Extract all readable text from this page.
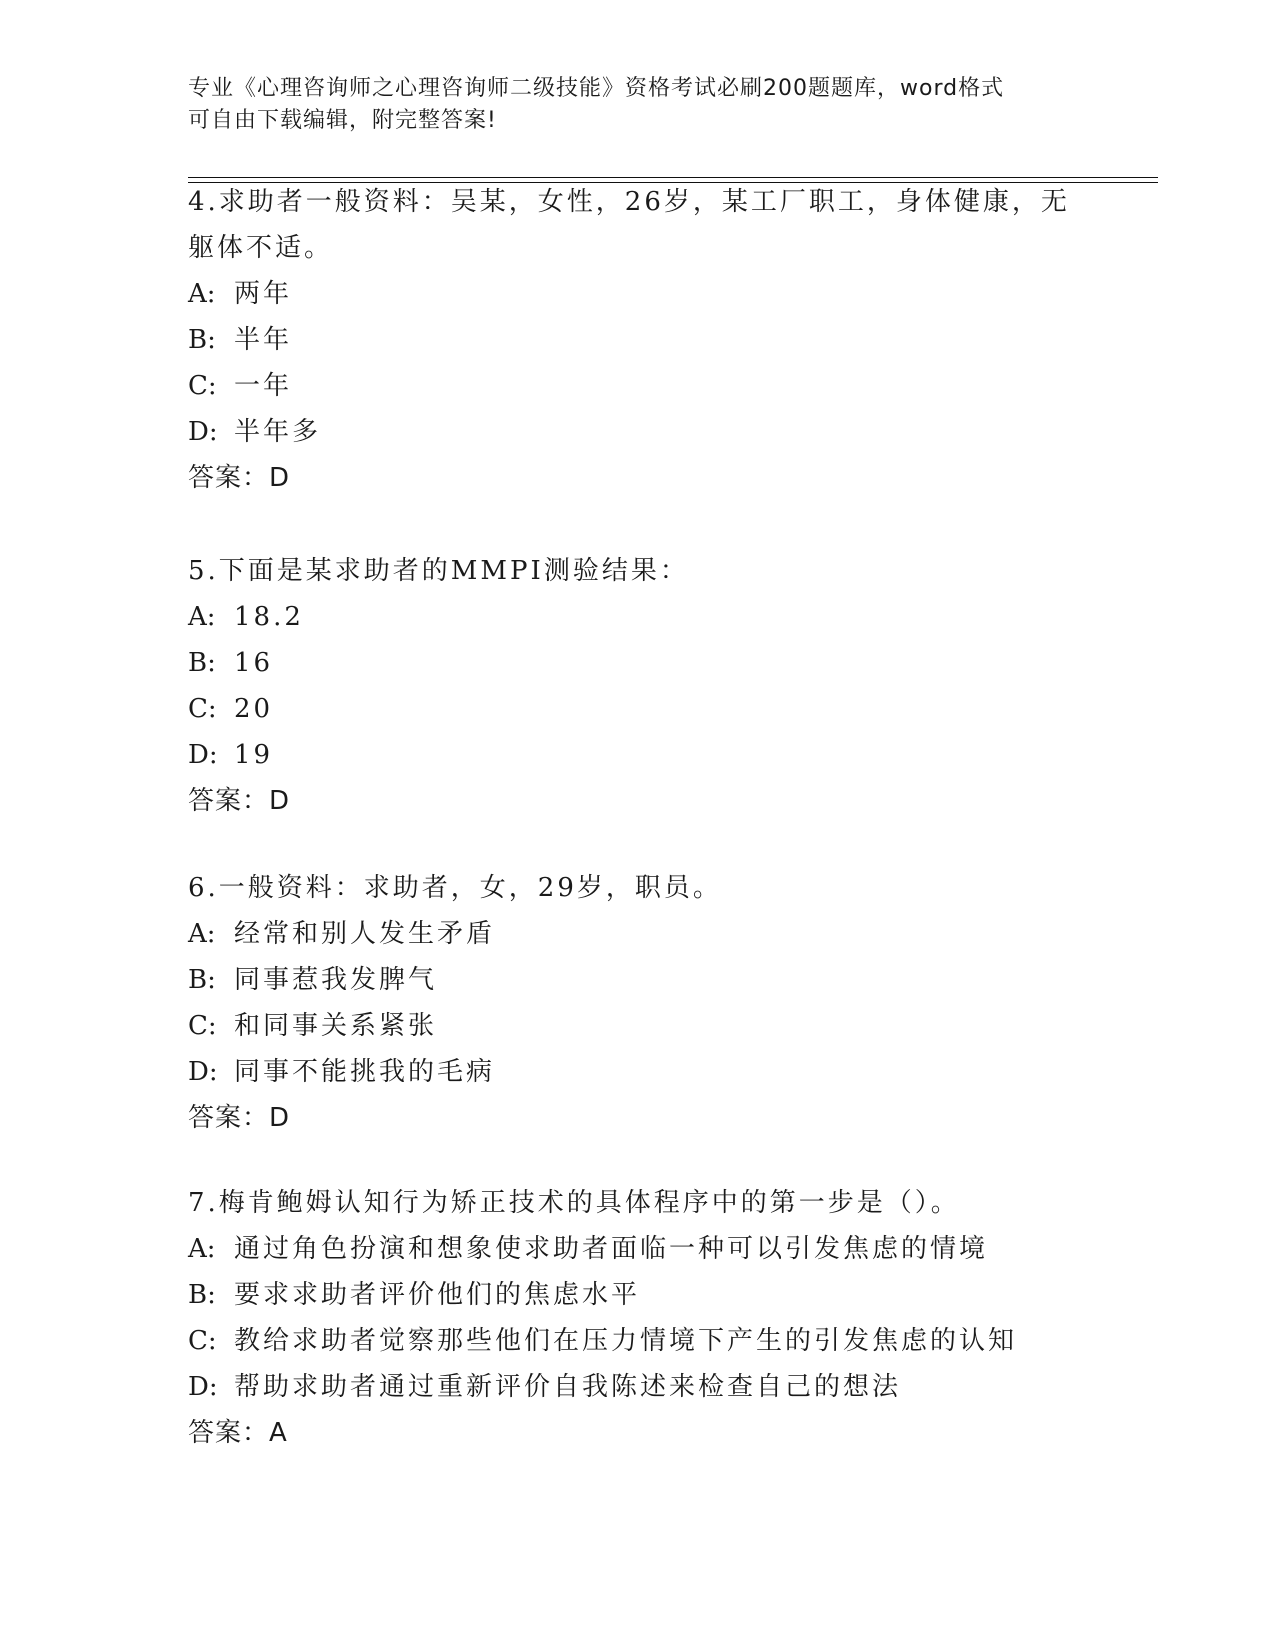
专业《心理咨询师之心理咨询师二级技能》资格考试必刷200题题库，word格式
可自由下载编辑，附完整答案!
4.求助者一般资料：吴某，女性，26岁，某工厂职工，身体健康，无
躯体不适。
A: 两年
B: 半年
C: 一年
D: 半年多
答案：D
5.下面是某求助者的MMPI测验结果：
A: 18.2
B: 16
C: 20
D: 19
答案：D
6.一般资料：求助者，女，29岁，职员。
A: 经常和别人发生矛盾
B: 同事惹我发脾气
C: 和同事关系紧张
D: 同事不能挑我的毛病
答案：D
7.梅肯鲍姆认知行为矫正技术的具体程序中的第一步是（）。
A: 通过角色扮演和想象使求助者面临一种可以引发焦虑的情境
B: 要求求助者评价他们的焦虑水平
C: 教给求助者觉察那些他们在压力情境下产生的引发焦虑的认知
D: 帮助求助者通过重新评价自我陈述来检查自己的想法
答案：A
